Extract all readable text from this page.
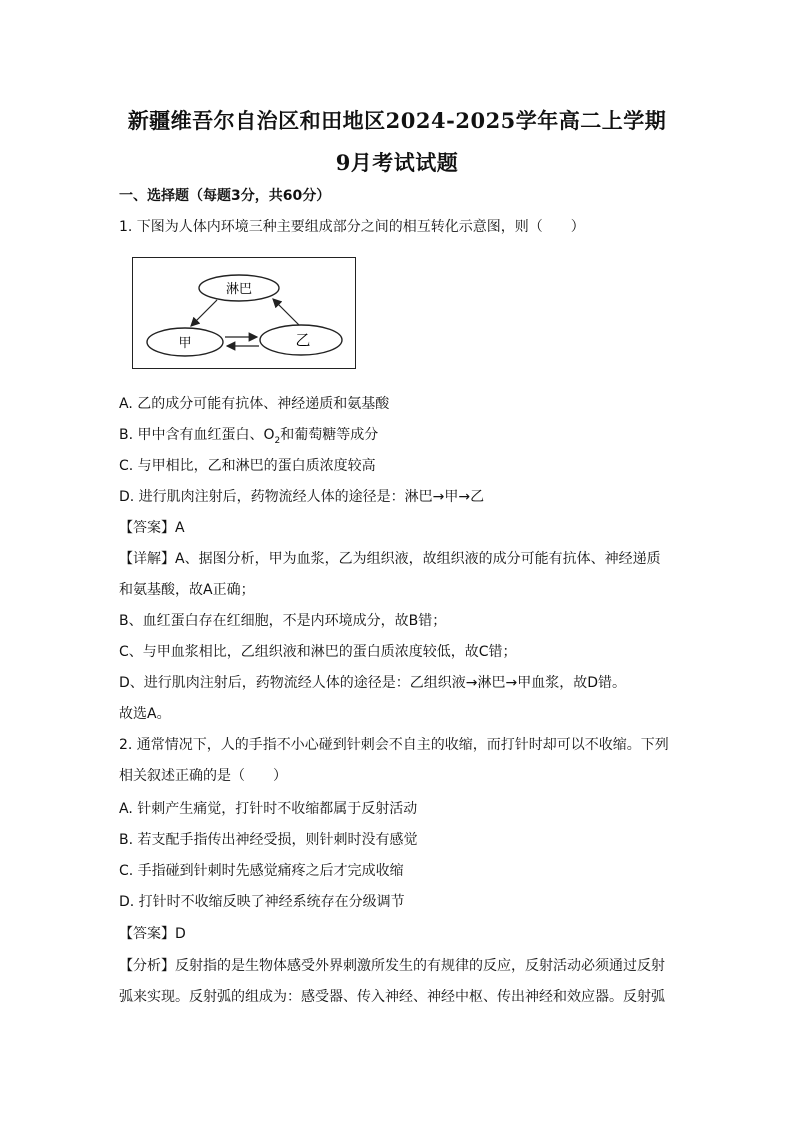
新疆维吾尔自治区和田地区2024-2025学年高二上学期
9月考试试题
一、选择题（每题3分，共60分）
1. 下图为人体内环境三种主要组成部分之间的相互转化示意图，则（　　）
淋巴
甲	乙
A. 乙的成分可能有抗体、神经递质和氨基酸
B. 甲中含有血红蛋白、$O_2$和葡萄糖等成分
C. 与甲相比，乙和淋巴的蛋白质浓度较高
D. 进行肌肉注射后，药物流经人体的途径是：淋巴→甲→乙
【答案】A
【详解】A、据图分析，甲为血浆，乙为组织液，故组织液的成分可能有抗体、神经递质
和氨基酸，故A正确；
B、血红蛋白存在红细胞，不是内环境成分，故B错；
C、与甲血浆相比，乙组织液和淋巴的蛋白质浓度较低，故C错；
D、进行肌肉注射后，药物流经人体的途径是：乙组织液→淋巴→甲血浆，故D错。
故选A。
2. 通常情况下，人的手指不小心碰到针刺会不自主的收缩，而打针时却可以不收缩。下列
相关叙述正确的是（　　）
A. 针刺产生痛觉，打针时不收缩都属于反射活动
B. 若支配手指传出神经受损，则针刺时没有感觉
C. 手指碰到针刺时先感觉痛疼之后才完成收缩
D. 打针时不收缩反映了神经系统存在分级调节
【答案】D
【分析】反射指的是生物体感受外界刺激所发生的有规律的反应，反射活动必须通过反射
弧来实现。反射弧的组成为：感受器、传入神经、神经中枢、传出神经和效应器。反射弧
